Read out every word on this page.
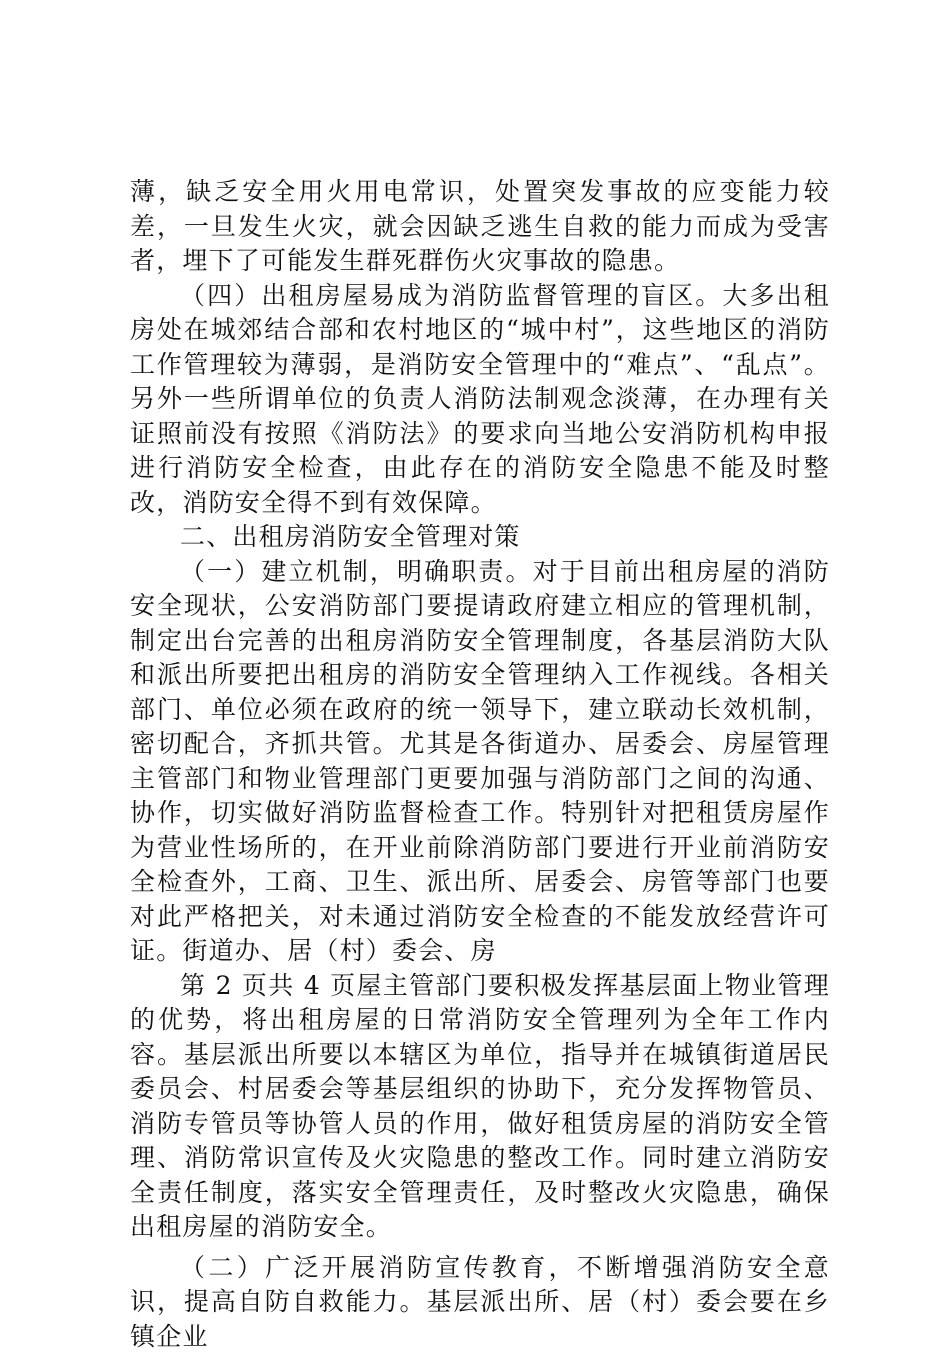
薄，缺乏安全用火用电常识，处置突发事故的应变能力较差，一旦发生火灾，就会因缺乏逃生自救的能力而成为受害者，埋下了可能发生群死群伤火灾事故的隐患。

（四）出租房屋易成为消防监督管理的盲区。大多出租房处在城郊结合部和农村地区的“城中村”，这些地区的消防工作管理较为薄弱，是消防安全管理中的“难点”、“乱点”。另外一些所谓单位的负责人消防法制观念淡薄，在办理有关证照前没有按照《消防法》的要求向当地公安消防机构申报进行消防安全检查，由此存在的消防安全隐患不能及时整改，消防安全得不到有效保障。

二、出租房消防安全管理对策

（一）建立机制，明确职责。对于目前出租房屋的消防安全现状，公安消防部门要提请政府建立相应的管理机制，制定出台完善的出租房消防安全管理制度，各基层消防大队和派出所要把出租房的消防安全管理纳入工作视线。各相关部门、单位必须在政府的统一领导下，建立联动长效机制，密切配合，齐抓共管。尤其是各街道办、居委会、房屋管理主管部门和物业管理部门更要加强与消防部门之间的沟通、协作，切实做好消防监督检查工作。特别针对把租赁房屋作为营业性场所的，在开业前除消防部门要进行开业前消防安全检查外，工商、卫生、派出所、居委会、房管等部门也要对此严格把关，对未通过消防安全检查的不能发放经营许可证。街道办、居（村）委会、房

第 2 页共 4 页屋主管部门要积极发挥基层面上物业管理的优势，将出租房屋的日常消防安全管理列为全年工作内容。基层派出所要以本辖区为单位，指导并在城镇街道居民委员会、村居委会等基层组织的协助下，充分发挥物管员、消防专管员等协管人员的作用，做好租赁房屋的消防安全管理、消防常识宣传及火灾隐患的整改工作。同时建立消防安全责任制度，落实安全管理责任，及时整改火灾隐患，确保出租房屋的消防安全。

（二）广泛开展消防宣传教育，不断增强消防安全意识，提高自防自救能力。基层派出所、居（村）委会要在乡镇企业
